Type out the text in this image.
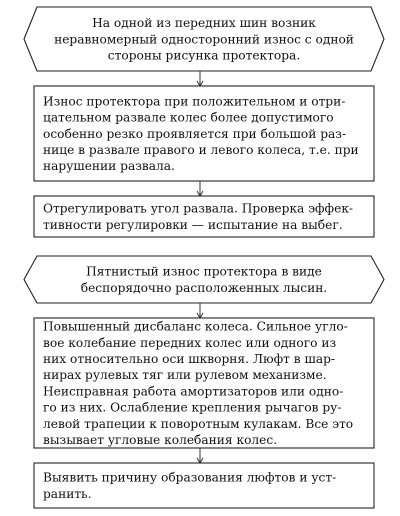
На одной из передних шин возник
неравномерный односторонний износ с одной
стороны рисунка протектора.
Износ протектора при положительном и отри-
цательном развале колес более допустимого
особенно резко проявляется при большой раз-
нице в развале правого и левого колеса, т.е. при
нарушении развала.
Отрегулировать угол развала. Проверка эффек-
тивности регулировки — испытание на выбег.
Пятнистый износ протектора в виде
беспорядочно расположенных лысин.
Повышенный дисбаланс колеса. Сильное угло-
вое колебание передних колес или одного из
них относительно оси шкворня. Люфт в шар-
нирах рулевых тяг или рулевом механизме.
Неисправная работа амортизаторов или одно-
го из них. Ослабление крепления рычагов ру-
левой трапеции к поворотным кулакам. Все это
вызывает угловые колебания колес.
Выявить причину образования люфтов и уст-
ранить.
